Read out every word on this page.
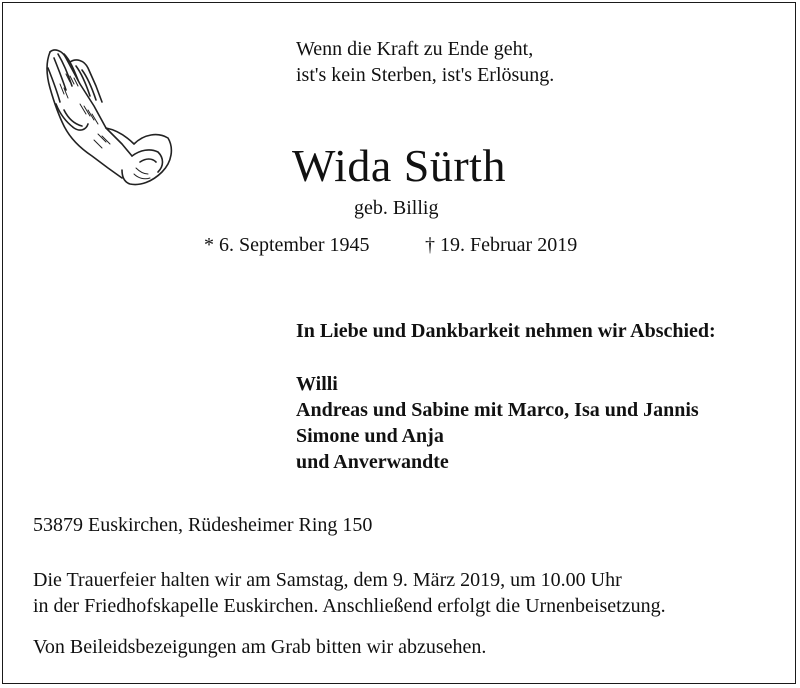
Wenn die Kraft zu Ende geht,
ist's kein Sterben, ist's Erlösung.
Wida Sürth
geb. Billig
* 6. September 1945	† 19. Februar 2019
In Liebe und Dankbarkeit nehmen wir Abschied:
Willi
Andreas und Sabine mit Marco, Isa und Jannis
Simone und Anja
und Anverwandte
53879 Euskirchen, Rüdesheimer Ring 150
Die Trauerfeier halten wir am Samstag, dem 9. März 2019, um 10.00 Uhr
in der Friedhofskapelle Euskirchen. Anschließend erfolgt die Urnenbeisetzung.
Von Beileidsbezeigungen am Grab bitten wir abzusehen.
